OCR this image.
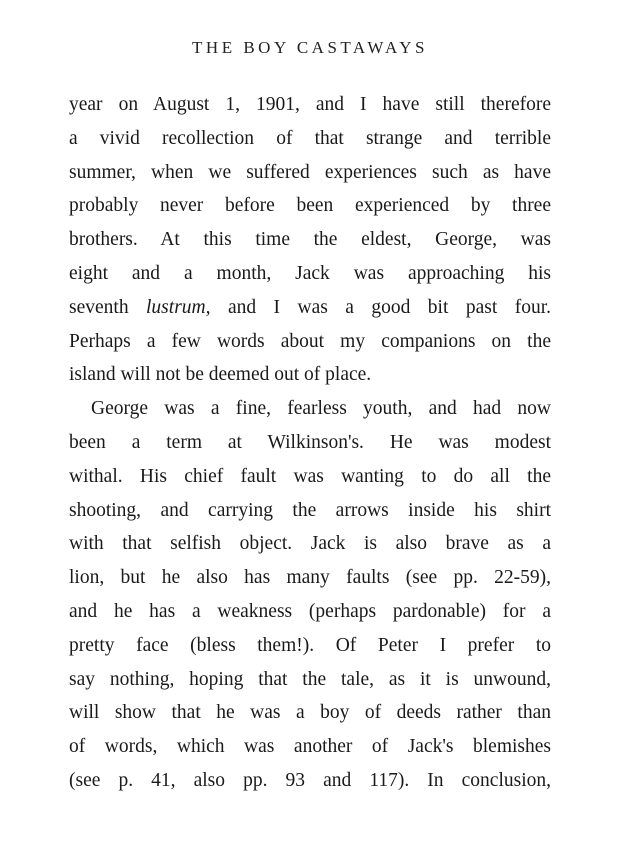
THE BOY CASTAWAYS
year on August 1, 1901, and I have still therefore
a vivid recollection of that strange and terrible
summer, when we suffered experiences such as have
probably never before been experienced by three
brothers. At this time the eldest, George, was
eight and a month, Jack was approaching his
seventh lustrum, and I was a good bit past four.
Perhaps a few words about my companions on the
island will not be deemed out of place.
George was a fine, fearless youth, and had now
been a term at Wilkinson's. He was modest
withal. His chief fault was wanting to do all the
shooting, and carrying the arrows inside his shirt
with that selfish object. Jack is also brave as a
lion, but he also has many faults (see pp. 22-59),
and he has a weakness (perhaps pardonable) for a
pretty face (bless them!). Of Peter I prefer to
say nothing, hoping that the tale, as it is unwound,
will show that he was a boy of deeds rather than
of words, which was another of Jack's blemishes
(see p. 41, also pp. 93 and 117). In conclusion,
